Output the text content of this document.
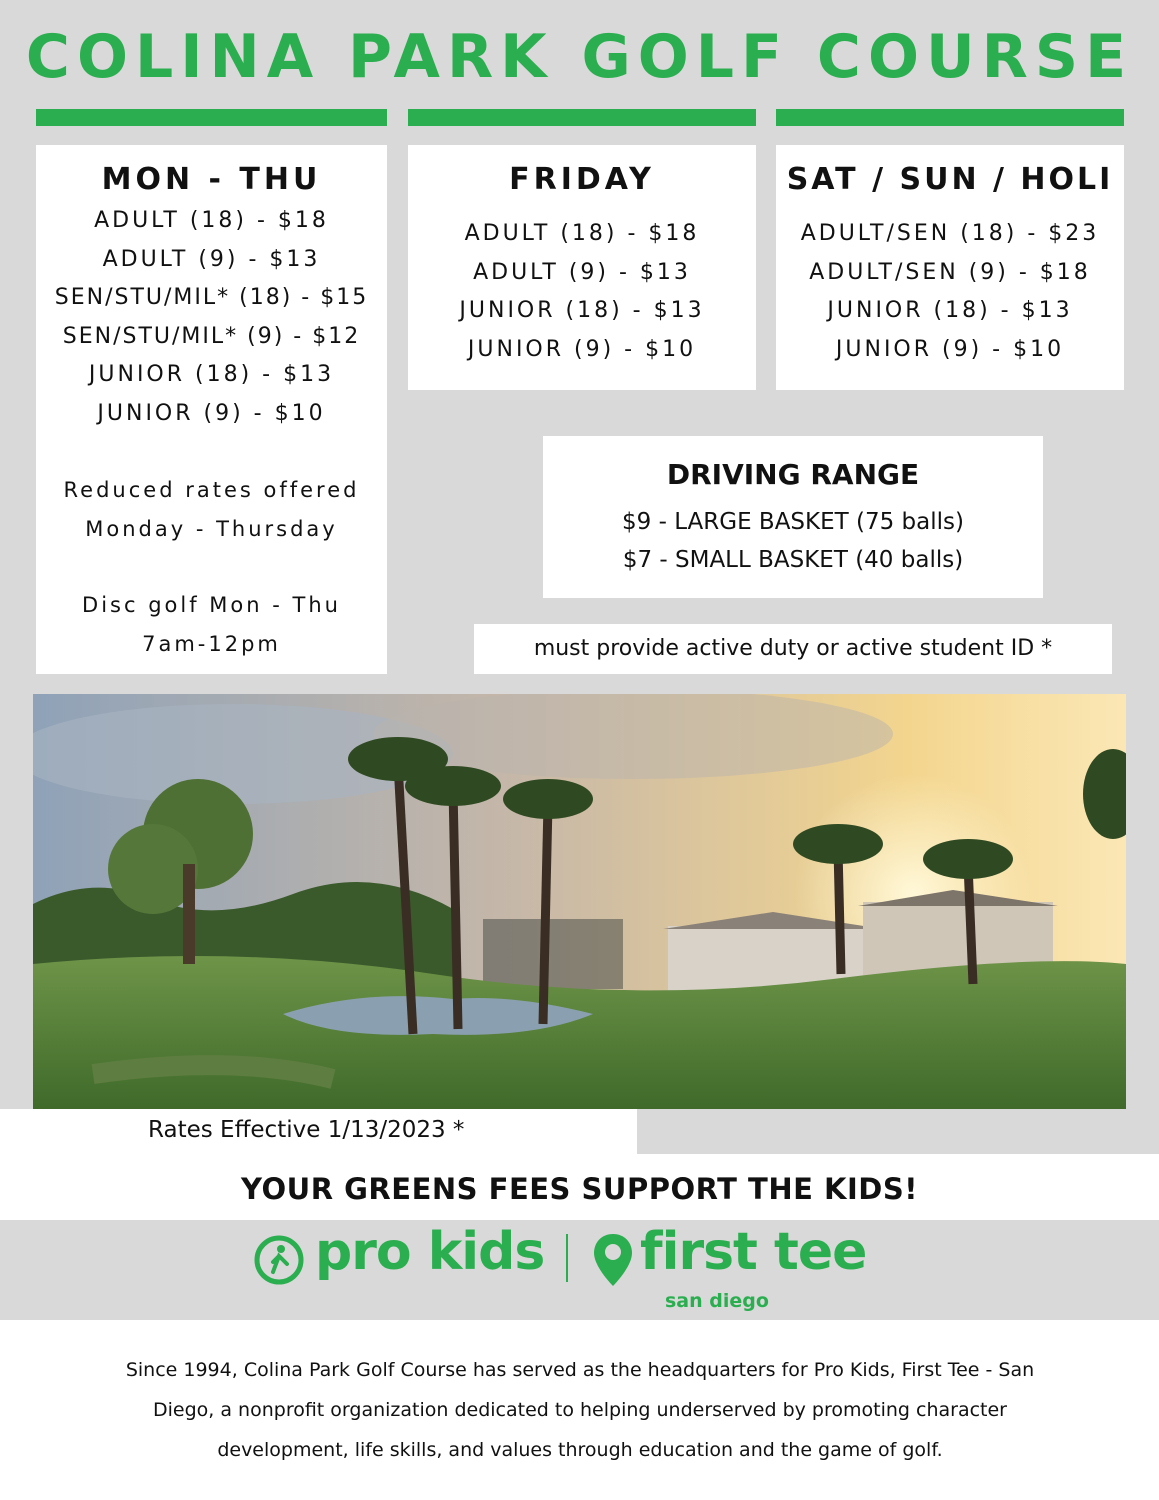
COLINA PARK GOLF COURSE
MON - THU
ADULT (18) - $18
ADULT (9) - $13
SEN/STU/MIL* (18) - $15
SEN/STU/MIL* (9) - $12
JUNIOR (18) - $13
JUNIOR (9) - $10
Reduced rates offered
Monday - Thursday
Disc golf Mon - Thu
7am-12pm
FRIDAY
ADULT (18) - $18
ADULT (9) - $13
JUNIOR (18) - $13
JUNIOR (9) - $10
SAT / SUN / HOLI
ADULT/SEN (18) - $23
ADULT/SEN (9) - $18
JUNIOR (18) - $13
JUNIOR (9) - $10
DRIVING RANGE
$9 - LARGE BASKET (75 balls)
$7 - SMALL BASKET (40 balls)
must provide active duty or active student ID *
Rates Effective 1/13/2023 *
YOUR GREENS FEES SUPPORT THE KIDS!
pro kids first tee
san diego
Since 1994, Colina Park Golf Course has served as the headquarters for Pro Kids, First Tee - San
Diego, a nonprofit organization dedicated to helping underserved by promoting character
development, life skills, and values through education and the game of golf.
